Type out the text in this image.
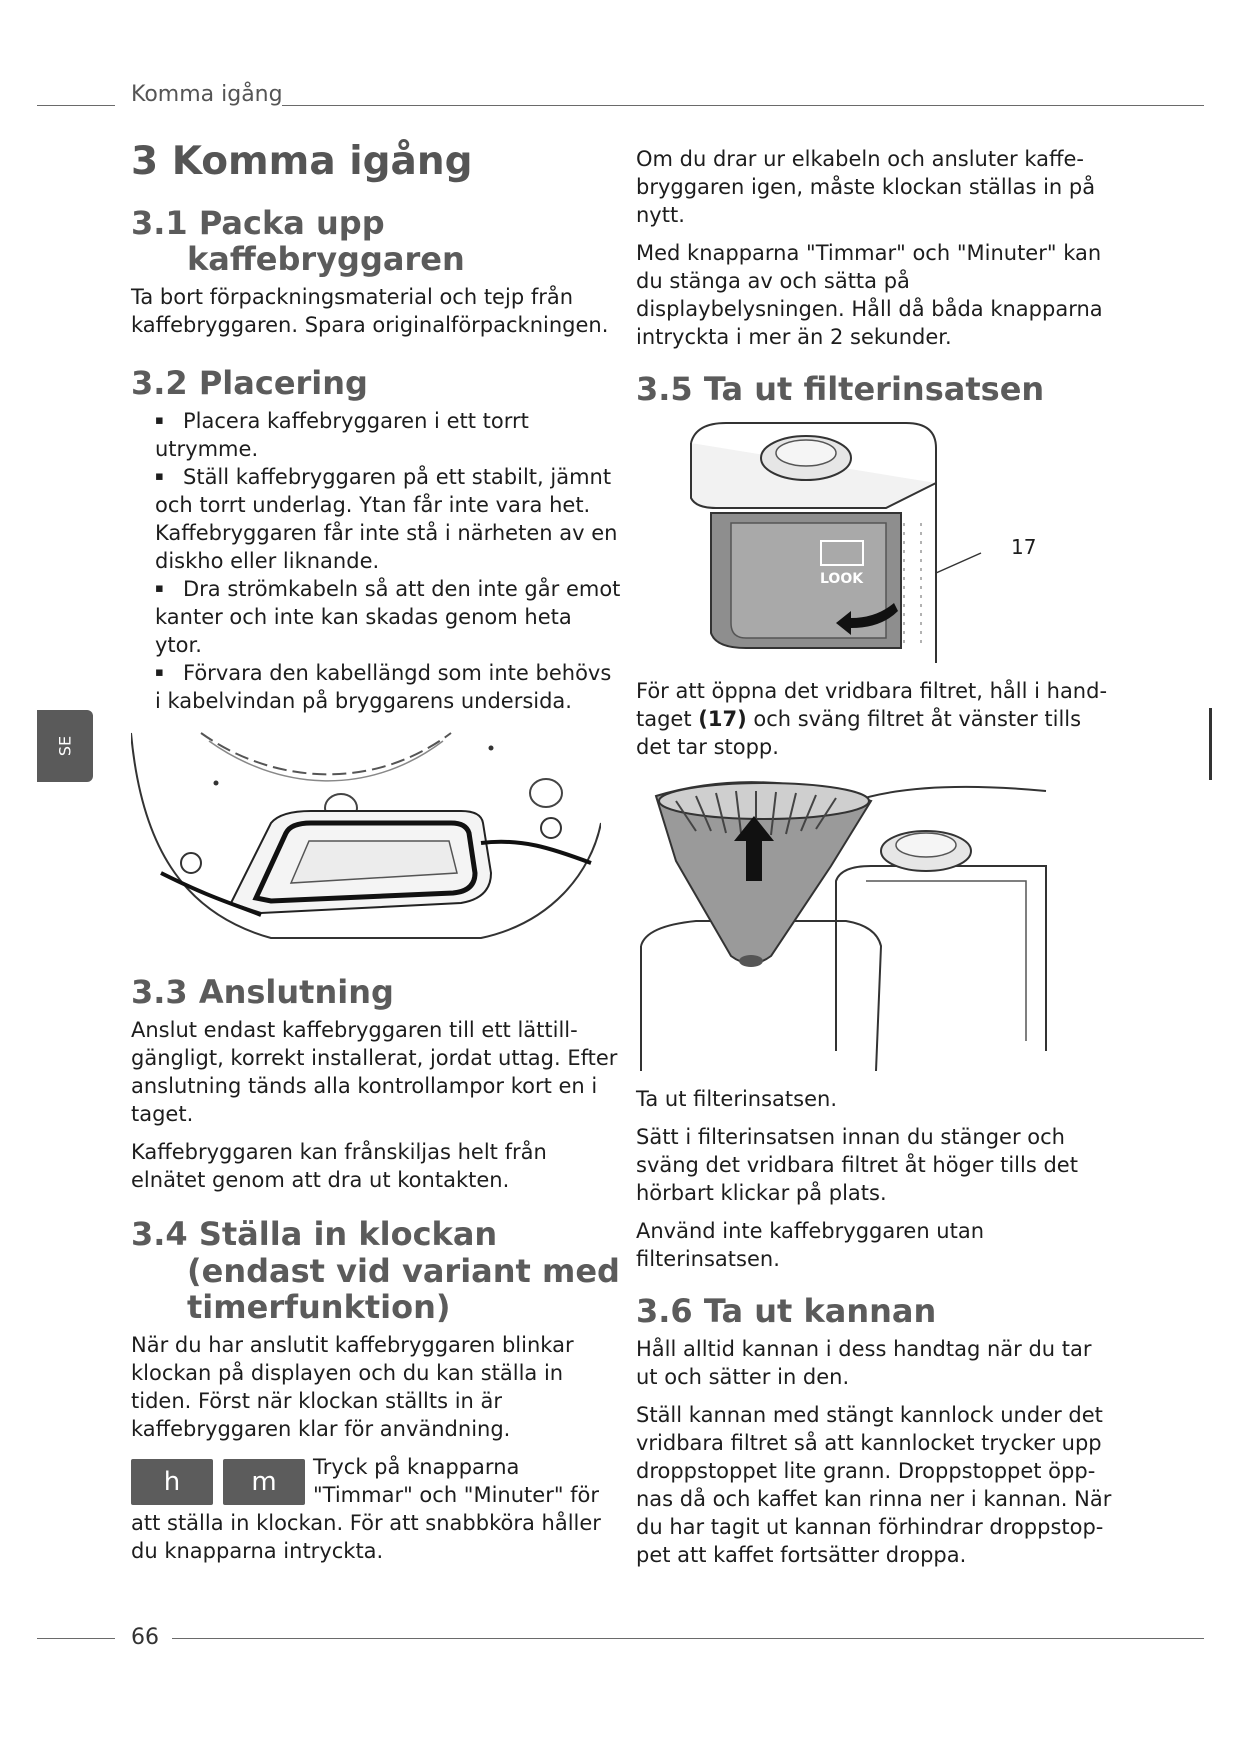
Komma igång
SE
3 Komma igång
3.1 Packa upp
kaffebryggaren

Ta bort förpackningsmaterial och tejp från kaffebryggaren. Spara originalförpackningen.

3.2 Placering
▪ Placera kaffebryggaren i ett torrt utrymme.
▪ Ställ kaffebryggaren på ett stabilt, jämnt och torrt underlag. Ytan får inte vara het. Kaffebryggaren får inte stå i närheten av en diskho eller liknande.
▪ Dra strömkabeln så att den inte går emot kanter och inte kan skadas genom heta ytor.
▪ Förvara den kabellängd som inte behövs i kabelvindan på bryggarens undersida.
3.3 Anslutning

Anslut endast kaffebryggaren till ett lättill-gängligt, korrekt installerat, jordat uttag. Efter anslutning tänds alla kontrollampor kort en i taget.

Kaffebryggaren kan frånskiljas helt från elnätet genom att dra ut kontakten.

3.4 Ställa in klockan
(endast vid variant med
timerfunktion)

När du har anslutit kaffebryggaren blinkar klockan på displayen och du kan ställa in tiden. Först när klockan ställts in är kaffebryggaren klar för användning.

h	m	Tryck på knapparna "Timmar" och "Minuter" för att ställa in klockan. För att snabbköra håller du knapparna intryckta.

Om du drar ur elkabeln och ansluter kaffe-bryggaren igen, måste klockan ställas in på nytt.

Med knapparna "Timmar" och "Minuter" kan du stänga av och sätta på displaybelysningen. Håll då båda knapparna intryckta i mer än 2 sekunder.

3.5 Ta ut filterinsatsen
LOOK
17

För att öppna det vridbara filtret, håll i hand-taget (17) och sväng filtret åt vänster tills det tar stopp.

Ta ut filterinsatsen.

Sätt i filterinsatsen innan du stänger och sväng det vridbara filtret åt höger tills det hörbart klickar på plats.

Använd inte kaffebryggaren utan filterinsatsen.

3.6 Ta ut kannan

Håll alltid kannan i dess handtag när du tar ut och sätter in den.

Ställ kannan med stängt kannlock under det vridbara filtret så att kannlocket trycker upp droppstoppet lite grann. Droppstoppet öpp-nas då och kaffet kan rinna ner i kannan. När du har tagit ut kannan förhindrar droppstop-pet att kaffet fortsätter droppa.

66
